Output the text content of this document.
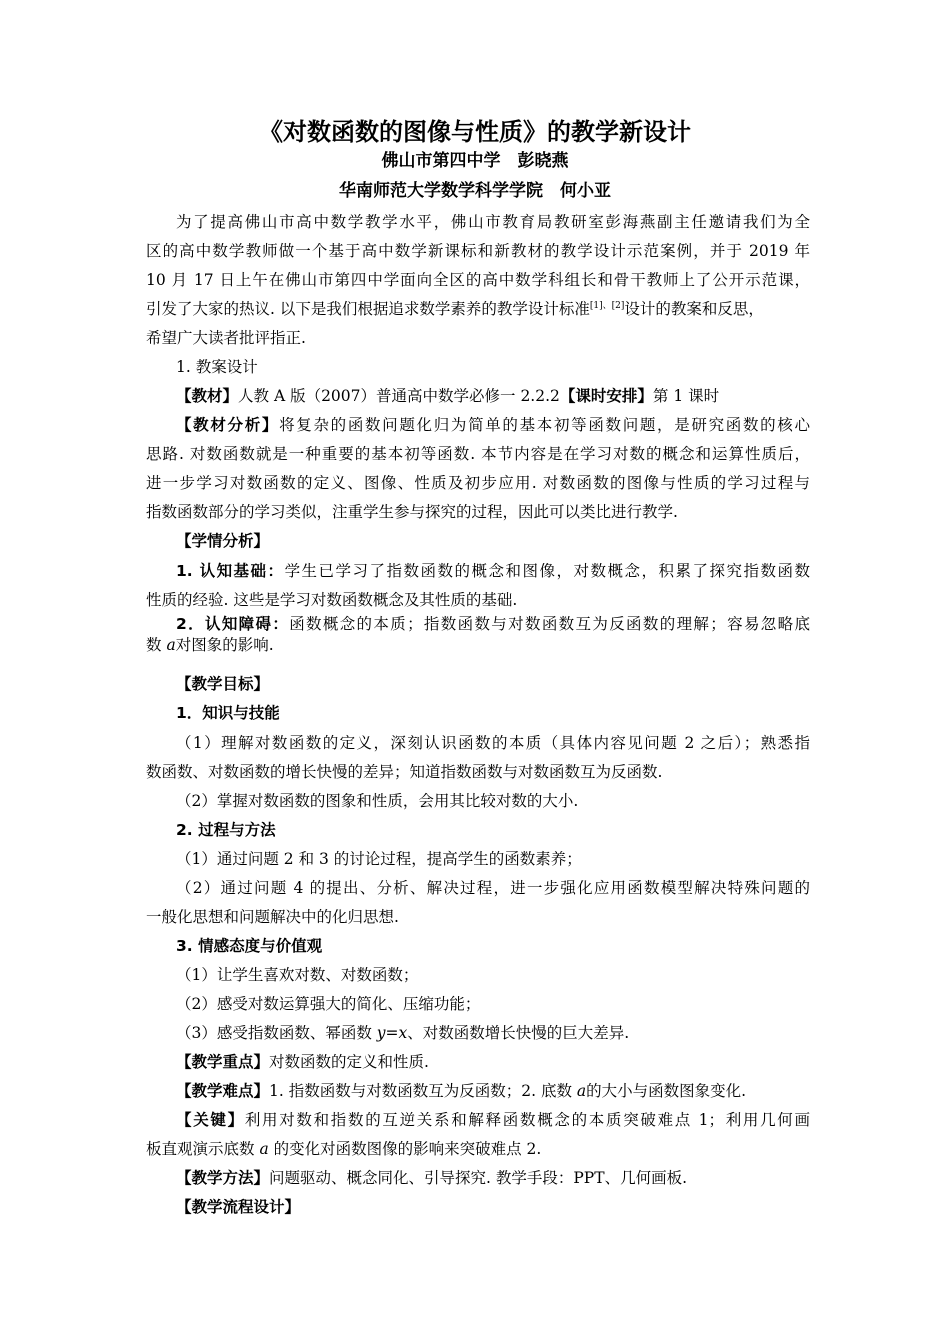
《对数函数的图像与性质》的教学新设计
佛山市第四中学　彭晓燕
华南师范大学数学科学学院　何小亚
为了提高佛山市高中数学教学水平，佛山市教育局教研室彭海燕副主任邀请我们为全
区的高中数学教师做一个基于高中数学新课标和新教材的教学设计示范案例，并于 2019 年
10 月 17 日上午在佛山市第四中学面向全区的高中数学科组长和骨干教师上了公开示范课，
引发了大家的热议. 以下是我们根据追求数学素养的教学设计标准[1]、[2]设计的教案和反思，
希望广大读者批评指正.
1. 教案设计
【教材】人教 A 版（2007）普通高中数学必修一 2.2.2【课时安排】第 1 课时
【教材分析】将复杂的函数问题化归为简单的基本初等函数问题，是研究函数的核心
思路. 对数函数就是一种重要的基本初等函数. 本节内容是在学习对数的概念和运算性质后，
进一步学习对数函数的定义、图像、性质及初步应用. 对数函数的图像与性质的学习过程与
指数函数部分的学习类似，注重学生参与探究的过程，因此可以类比进行教学.
【学情分析】
1. 认知基础：学生已学习了指数函数的概念和图像，对数概念，积累了探究指数函数
性质的经验. 这些是学习对数函数概念及其性质的基础.
2．认知障碍：函数概念的本质；指数函数与对数函数互为反函数的理解；容易忽略底
数 a对图象的影响.
【教学目标】
1．知识与技能
（1）理解对数函数的定义，深刻认识函数的本质（具体内容见问题 2 之后）；熟悉指
数函数、对数函数的增长快慢的差异；知道指数函数与对数函数互为反函数.
（2）掌握对数函数的图象和性质，会用其比较对数的大小.
2. 过程与方法
（1）通过问题 2 和 3 的讨论过程，提高学生的函数素养；
（2）通过问题 4 的提出、分析、解决过程，进一步强化应用函数模型解决特殊问题的
一般化思想和问题解决中的化归思想.
3. 情感态度与价值观
（1）让学生喜欢对数、对数函数；
（2）感受对数运算强大的简化、压缩功能；
（3）感受指数函数、幂函数 y=x、对数函数增长快慢的巨大差异.
【教学重点】对数函数的定义和性质.
【教学难点】1. 指数函数与对数函数互为反函数；2. 底数 a的大小与函数图象变化.
【关键】利用对数和指数的互逆关系和解释函数概念的本质突破难点 1；利用几何画
板直观演示底数 a 的变化对函数图像的影响来突破难点 2.
【教学方法】问题驱动、概念同化、引导探究. 教学手段：PPT、几何画板.
【教学流程设计】
